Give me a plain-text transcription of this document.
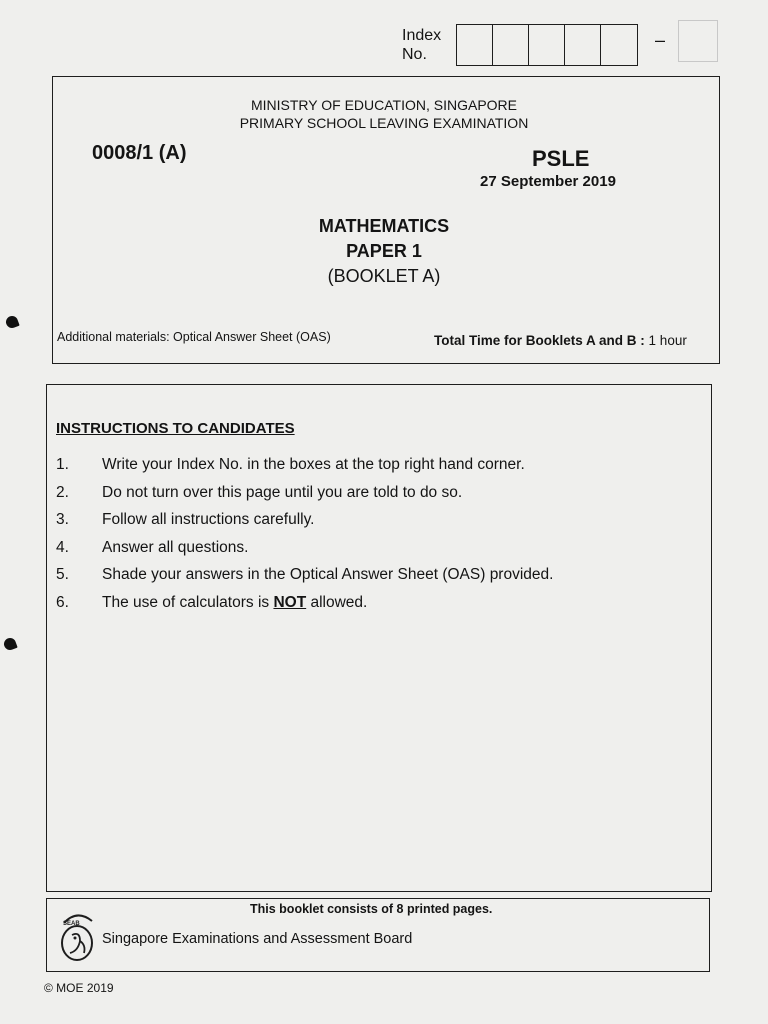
Index
No.
–
MINISTRY OF EDUCATION, SINGAPORE
PRIMARY SCHOOL LEAVING EXAMINATION
0008/1 (A)	PSLE
27 September 2019
MATHEMATICS
PAPER 1
(BOOKLET A)
Additional materials: Optical Answer Sheet (OAS)	Total Time for Booklets A and B : 1 hour
INSTRUCTIONS TO CANDIDATES
1.	Write your Index No. in the boxes at the top right hand corner.
2.	Do not turn over this page until you are told to do so.
3.	Follow all instructions carefully.
4.	Answer all questions.
5.	Shade your answers in the Optical Answer Sheet (OAS) provided.
6.	The use of calculators is NOT allowed.
This booklet consists of 8 printed pages.
SEAB
Singapore Examinations and Assessment Board
© MOE 2019
